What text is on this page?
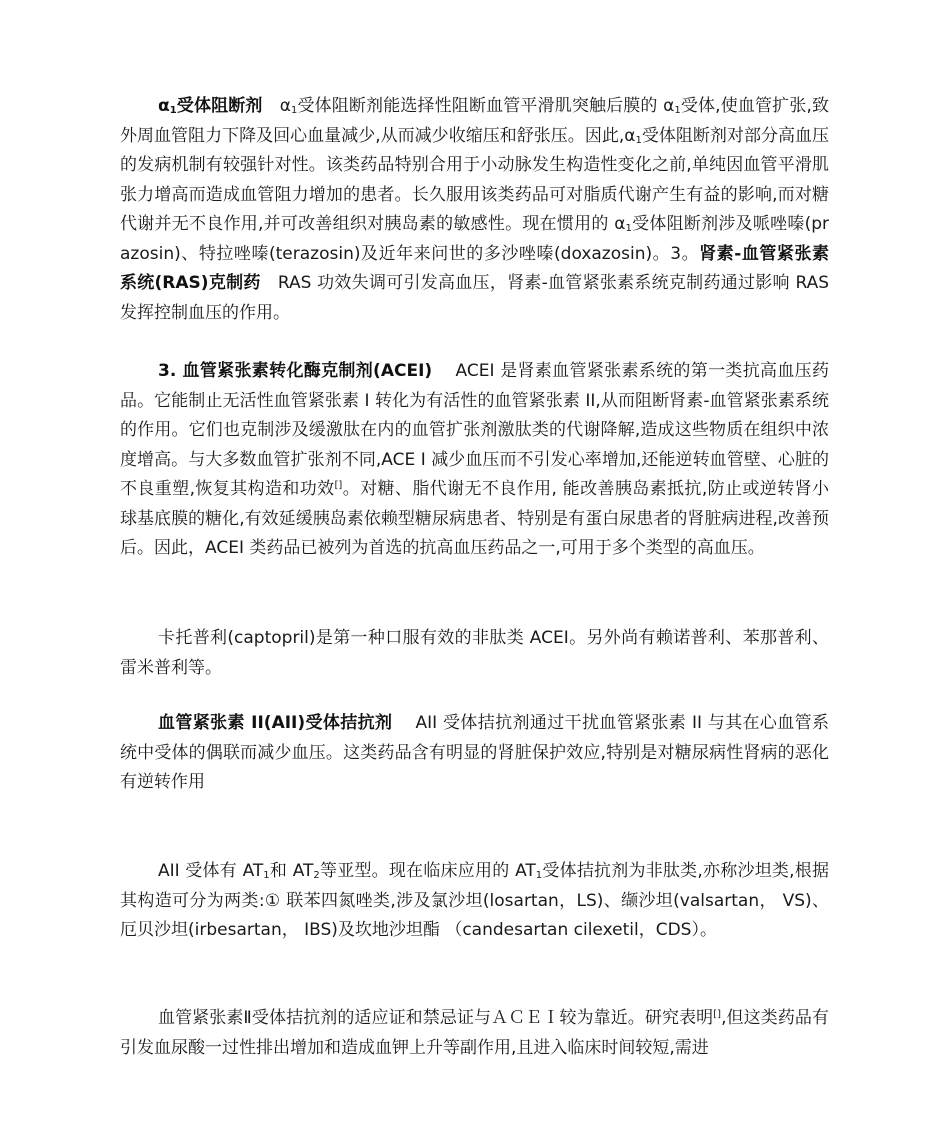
$\alpha_1$受体阻断剂　 $\alpha_1$受体阻断剂能选择性阻断血管平滑肌突触后膜的 $\alpha_1$受体,使血管扩张,致外周血管阻力下降及回心血量减少,从而减少收缩压和舒张压。因此$,\alpha_1$受体阻断剂对部分高血压的发病机制有较强针对性。该类药品特别合用于小动脉发生构造性变化之前,单纯因血管平滑肌张力增高而造成血管阻力增加的患者。长久服用该类药品可对脂质代谢产生有益的影响,而对糖代谢并无不良作用,并可改善组织对胰岛素的敏感性。现在惯用的 $\alpha_1$受体阻断剂涉及哌唑嗪(prazosin)、特拉唑嗪(terazosin)及近年来问世的多沙唑嗪(doxazosin)。3。肾素-血管紧张素系统(RAS)克制药　RAS 功效失调可引发高血压，肾素-血管紧张素系统克制药通过影响 RAS 发挥控制血压的作用。

3. 血管紧张素转化酶克制剂(ACEI)　 ACEI 是肾素血管紧张素系统的第一类抗高血压药品。它能制止无活性血管紧张素 I 转化为有活性的血管紧张素 II,从而阻断肾素-血管紧张素系统的作用。它们也克制涉及缓激肽在内的血管扩张剂激肽类的代谢降解,造成这些物质在组织中浓度增高。与大多数血管扩张剂不同,ACE Ⅰ 减少血压而不引发心率增加,还能逆转血管壁、心脏的不良重塑,恢复其构造和功效[]。对糖、脂代谢无不良作用, 能改善胰岛素抵抗,防止或逆转肾小球基底膜的糖化,有效延缓胰岛素依赖型糖尿病患者、特别是有蛋白尿患者的肾脏病进程,改善预后。因此，ACEI 类药品已被列为首选的抗高血压药品之一,可用于多个类型的高血压。

卡托普利(captopril)是第一种口服有效的非肽类 ACEI。另外尚有赖诺普利、苯那普利、雷米普利等。

血管紧张素 II(AII)受体拮抗剂　 AII 受体拮抗剂通过干扰血管紧张素 II 与其在心血管系统中受体的偶联而减少血压。这类药品含有明显的肾脏保护效应,特别是对糖尿病性肾病的恶化有逆转作用

AII 受体有 $AT_1$和 $AT_2$等亚型。现在临床应用的 $AT_1$受体拮抗剂为非肽类,亦称沙坦类,根据其构造可分为两类:① 联苯四氮唑类,涉及氯沙坦(losartan，LS)、缬沙坦(valsartan， VS)、厄贝沙坦(irbesartan， IBS)及坎地沙坦酯 （candesartan cilexetil，CDS）。

血管紧张素Ⅱ受体拮抗剂的适应证和禁忌证与ＡＣＥＩ较为靠近。研究表明[],但这类药品有引发血尿酸一过性排出增加和造成血钾上升等副作用,且进入临床时间较短,需进
